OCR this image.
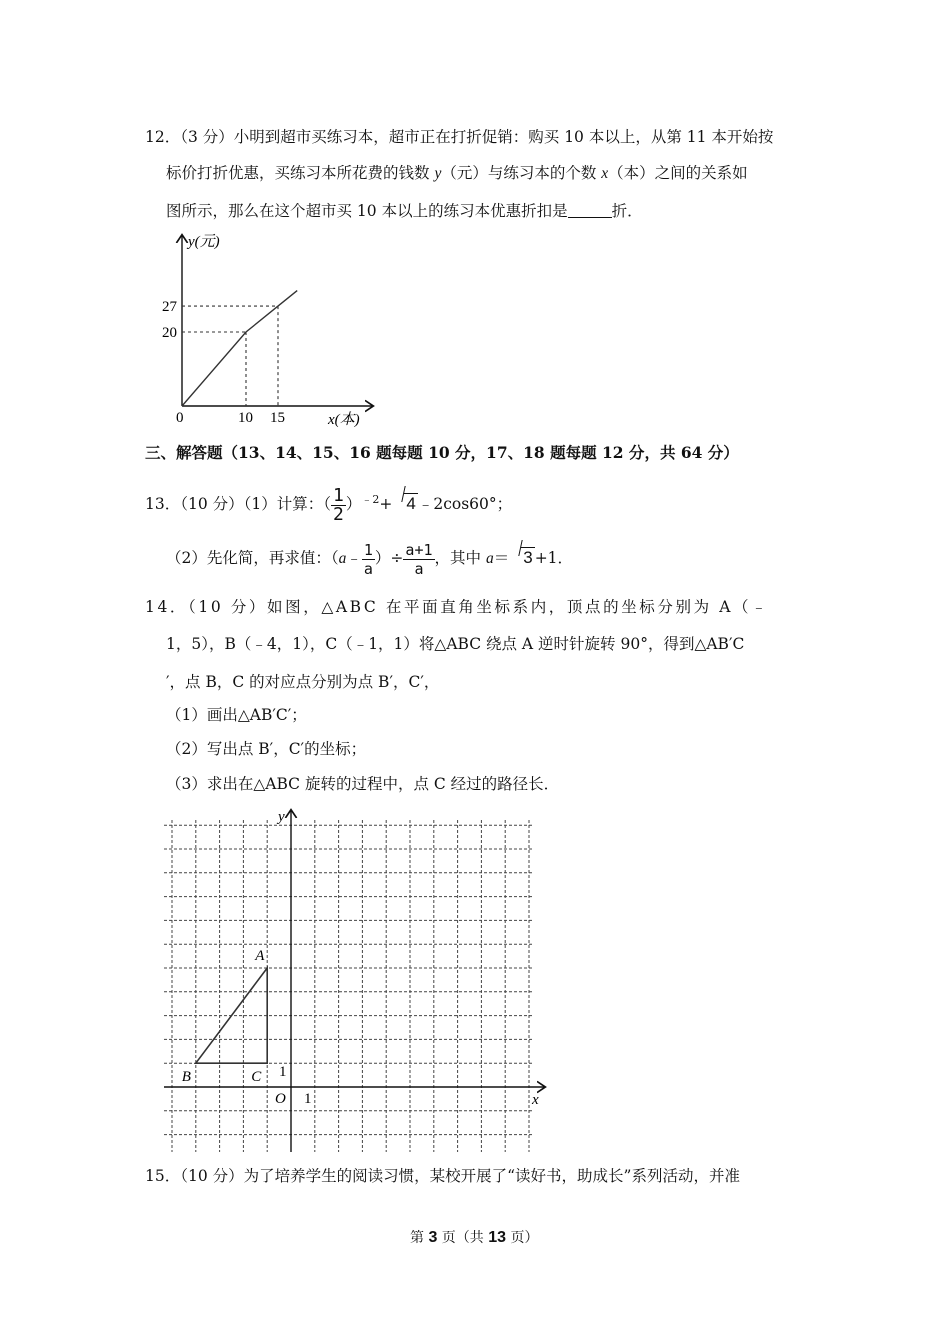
12．（3 分）小明到超市买练习本，超市正在打折促销：购买 10 本以上，从第 11 本开始按
标价打折优惠，买练习本所花费的钱数 y（元）与练习本的个数 x（本）之间的关系如
图所示，那么在这个超市买 10 本以上的练习本优惠折扣是	折．
0	10 15
20
27
y(元)
x(本)
三、解答题（13、14、15、16 题每题 10 分，17、18 题每题 12 分，共 64 分）
13．（10 分）（1）计算：（ $\frac{1}{2} )^{﹣2}+ 4$ ﹣2cos60°；
（2）先化简，再求值：（a﹣ $\frac{1}{a}$ ）÷ $\frac{a+1}{a}$ ，其中 a＝ 3 +1．
14．（10 分）如图，△ABC 在平面直角坐标系内，顶点的坐标分别为 A（﹣
1，5），B（﹣4，1），C（﹣1，1）将△ABC 绕点 A 逆时针旋转 90°，得到△AB′C
′，点 B，C 的对应点分别为点 B′，C′，
（1）画出△AB′C′；
（2）写出点 B′，C′的坐标；
（3）求出在△ABC 旋转的过程中，点 C 经过的路径长．
y
x
O 1
1
A
B	C
15．（10 分）为了培养学生的阅读习惯，某校开展了“读好书，助成长”系列活动，并准
第 3 页（共 13 页）
